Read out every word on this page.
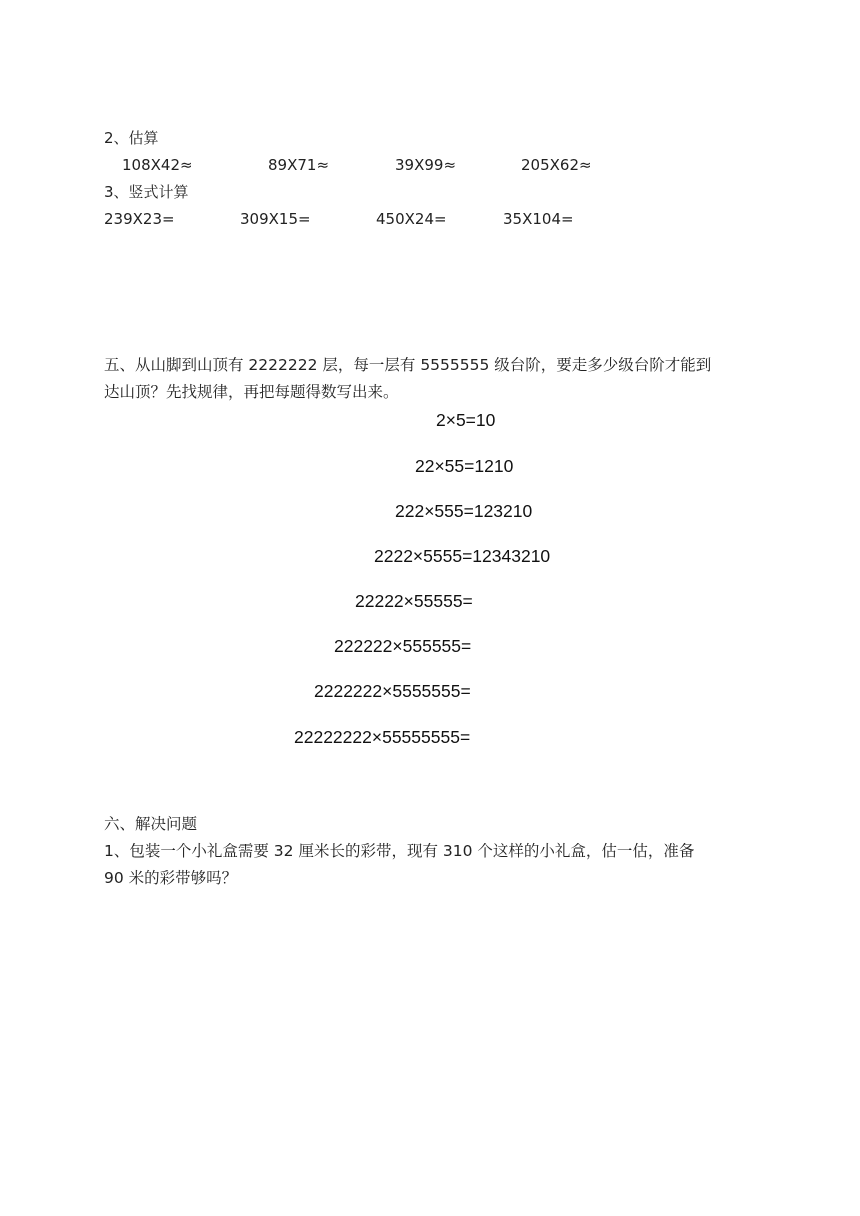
2、估算
108X42≈	89X71≈	39X99≈	205X62≈
3、竖式计算
239X23=	309X15=	450X24=	35X104=
五、从山脚到山顶有 2222222 层，每一层有 5555555 级台阶，要走多少级台阶才能到
达山顶？先找规律，再把每题得数写出来。
2×5=10
22×55=1210
222×555=123210
2222×5555=12343210
22222×55555=
222222×555555=
2222222×5555555=
22222222×55555555=
六、解决问题
1、包装一个小礼盒需要 32 厘米长的彩带，现有 310 个这样的小礼盒，估一估，准备
90 米的彩带够吗？
